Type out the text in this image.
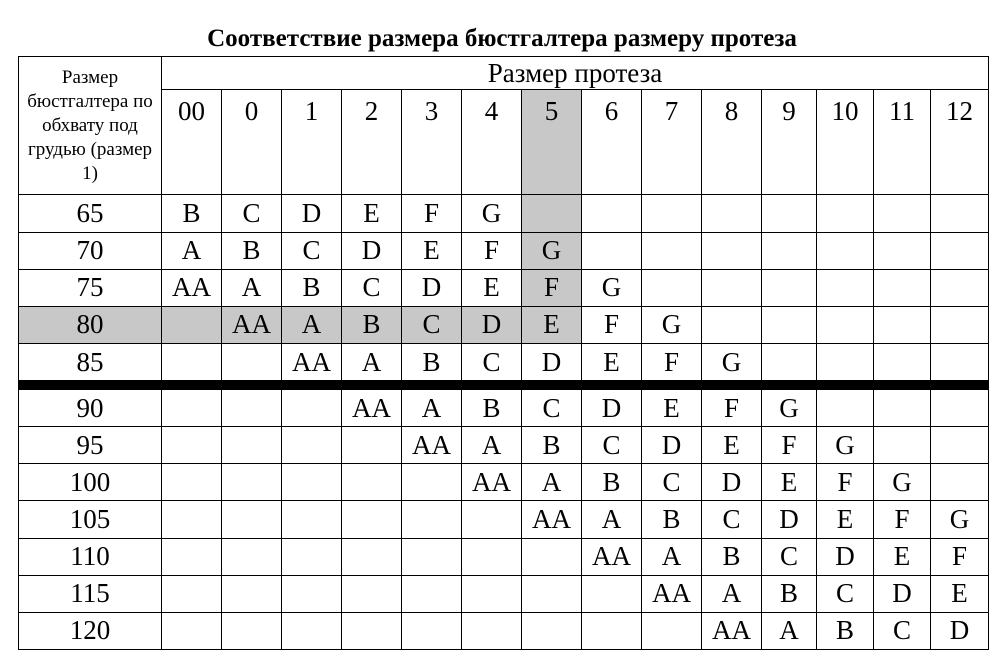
Соответствие размера бюстгалтера размеру протеза
Размер бюстгалтера по обхвату под грудью (размер 1)	Размер протеза													
	00	0	1	2	3	4	5	6	7	8	9	10	11	12
65	B	C	D	E	F	G								
70	A	B	C	D	E	F	G							
75	AA	A	B	C	D	E	F	G						
80		AA	A	B	C	D	E	F	G					
85			AA	A	B	C	D	E	F	G				
90				AA	A	B	C	D	E	F	G			
95					AA	A	B	C	D	E	F	G		
100						AA	A	B	C	D	E	F	G	
105							AA	A	B	C	D	E	F	G
110								AA	A	B	C	D	E	F
115									AA	A	B	C	D	E
120										AA	A	B	C	D
